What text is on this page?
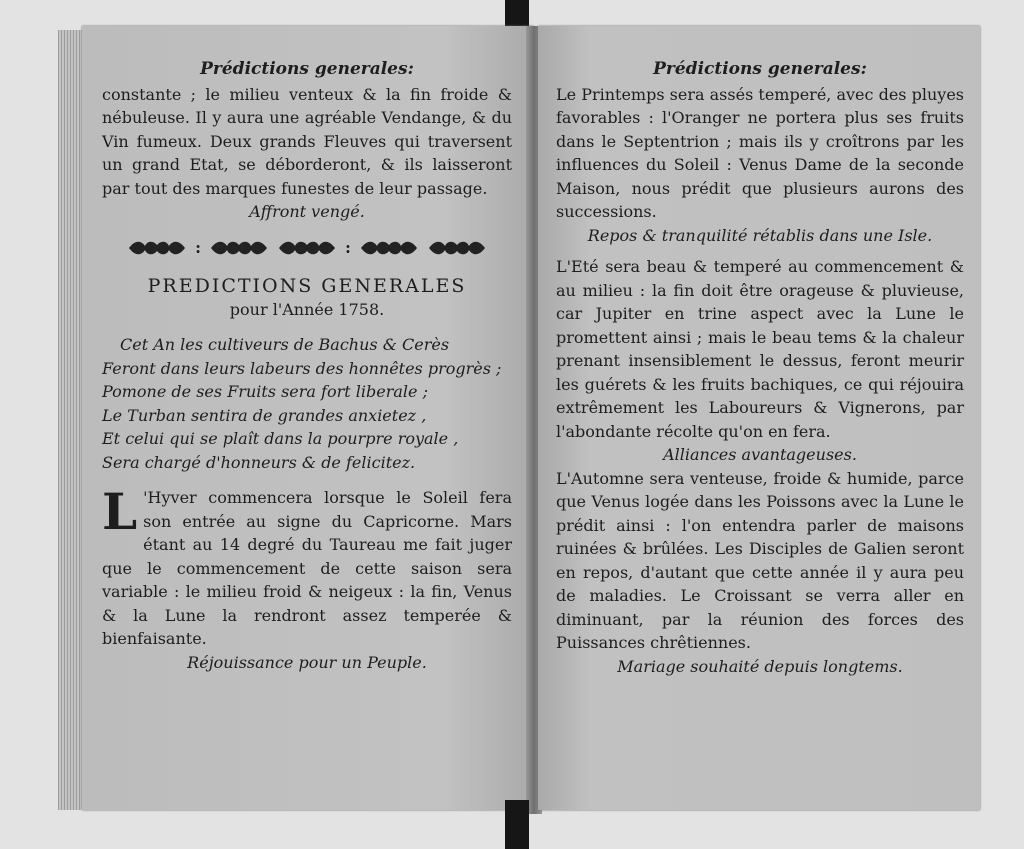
Prédictions generales:

constante ; le milieu venteux & la fin froide & nébuleuse. Il y aura une agréable Vendange, & du Vin fumeux. Deux grands Fleuves qui traversent un grand Etat, se déborderont, & ils laisseront par tout des marques funestes de leur passage.

Affront vengé.
:	:
PREDICTIONS GENERALES
pour l'Année 1758.
Cet An les cultiveurs de Bachus & Cerès
Feront dans leurs labeurs des honnêtes progrès ;
Pomone de ses Fruits sera fort liberale ;
Le Turban sentira de grandes anxietez ,
Et celui qui se plaît dans la pourpre royale ,
Sera chargé d'honneurs & de felicitez.

L 'Hyver commencera lorsque le Soleil fera son entrée au signe du Capricorne. Mars étant au 14 degré du Taureau me fait juger que le commencement de cette saison sera variable : le milieu froid & neigeux : la fin, Venus & la Lune la rendront assez temperée & bienfaisante.

Réjouissance pour un Peuple.
Prédictions generales:

Le Printemps sera assés temperé, avec des pluyes favorables : l'Oranger ne portera plus ses fruits dans le Septentrion ; mais ils y croîtrons par les influences du Soleil : Venus Dame de la seconde Maison, nous prédit que plusieurs aurons des successions.

Repos & tranquilité rétablis dans une Isle.

L'Eté sera beau & temperé au commencement & au milieu : la fin doit être orageuse & pluvieuse, car Jupiter en trine aspect avec la Lune le promettent ainsi ; mais le beau tems & la chaleur prenant insensiblement le dessus, feront meurir les guérets & les fruits bachiques, ce qui réjouira extrêmement les Laboureurs & Vignerons, par l'abondante récolte qu'on en fera.

Alliances avantageuses.

L'Automne sera venteuse, froide & humide, parce que Venus logée dans les Poissons avec la Lune le prédit ainsi : l'on entendra parler de maisons ruinées & brûlées. Les Disciples de Galien seront en repos, d'autant que cette année il y aura peu de maladies. Le Croissant se verra aller en diminuant, par la réunion des forces des Puissances chrêtiennes.

Mariage souhaité depuis longtems.
